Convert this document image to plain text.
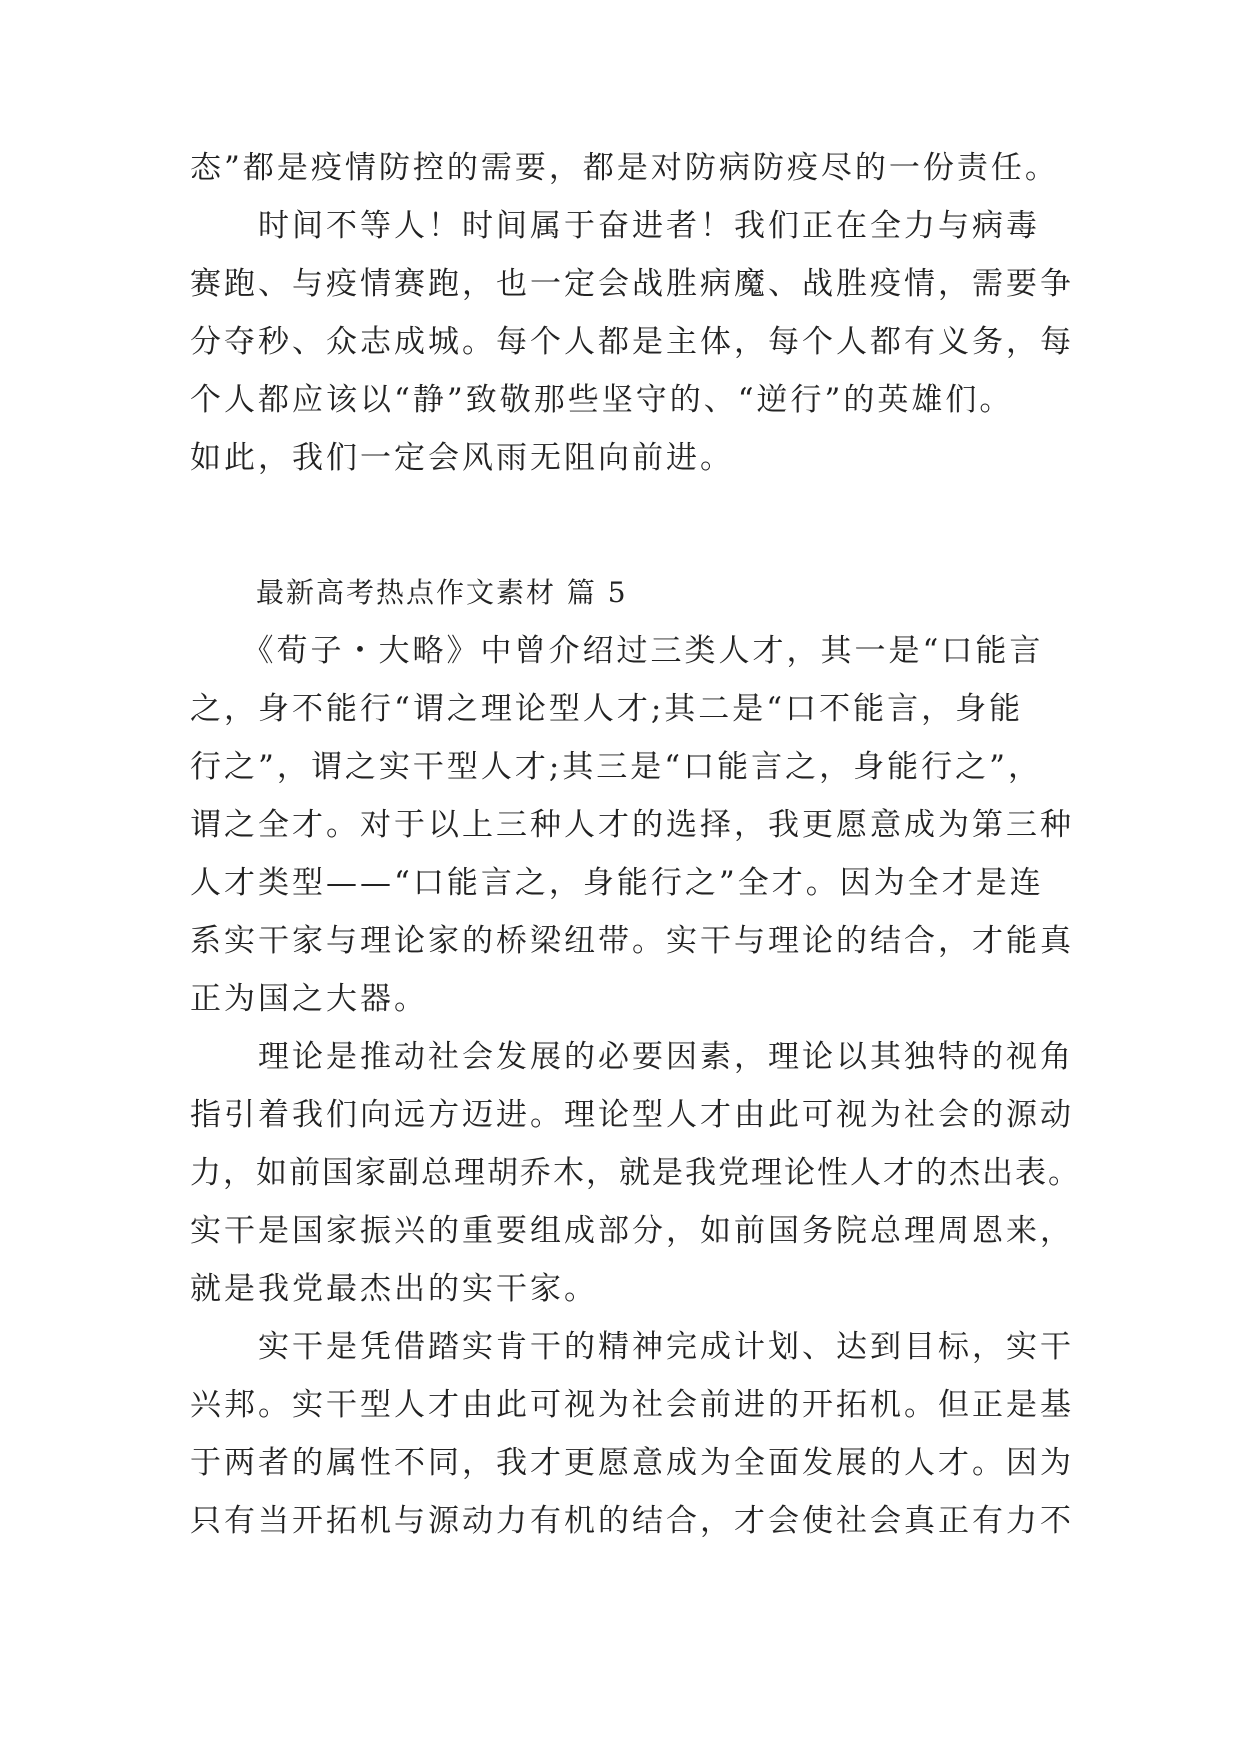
态”都是疫情防控的需要，都是对防病防疫尽的一份责任。
　　时间不等人！时间属于奋进者！我们正在全力与病毒
赛跑、与疫情赛跑，也一定会战胜病魔、战胜疫情，需要争
分夺秒、众志成城。每个人都是主体，每个人都有义务，每
个人都应该以“静”致敬那些坚守的、“逆行”的英雄们。
如此，我们一定会风雨无阻向前进。
最新高考热点作文素材 篇 5
　　《荀子・大略》中曾介绍过三类人才，其一是“口能言
之，身不能行“谓之理论型人才;其二是“口不能言，身能
行之”，谓之实干型人才;其三是“口能言之，身能行之”，
谓之全才。对于以上三种人才的选择，我更愿意成为第三种
人才类型——“口能言之，身能行之”全才。因为全才是连
系实干家与理论家的桥梁纽带。实干与理论的结合，才能真
正为国之大器。
　　理论是推动社会发展的必要因素，理论以其独特的视角
指引着我们向远方迈进。理论型人才由此可视为社会的源动
力，如前国家副总理胡乔木，就是我党理论性人才的杰出表。
实干是国家振兴的重要组成部分，如前国务院总理周恩来，
就是我党最杰出的实干家。
　　实干是凭借踏实肯干的精神完成计划、达到目标，实干
兴邦。实干型人才由此可视为社会前进的开拓机。但正是基
于两者的属性不同，我才更愿意成为全面发展的人才。因为
只有当开拓机与源动力有机的结合，才会使社会真正有力不
